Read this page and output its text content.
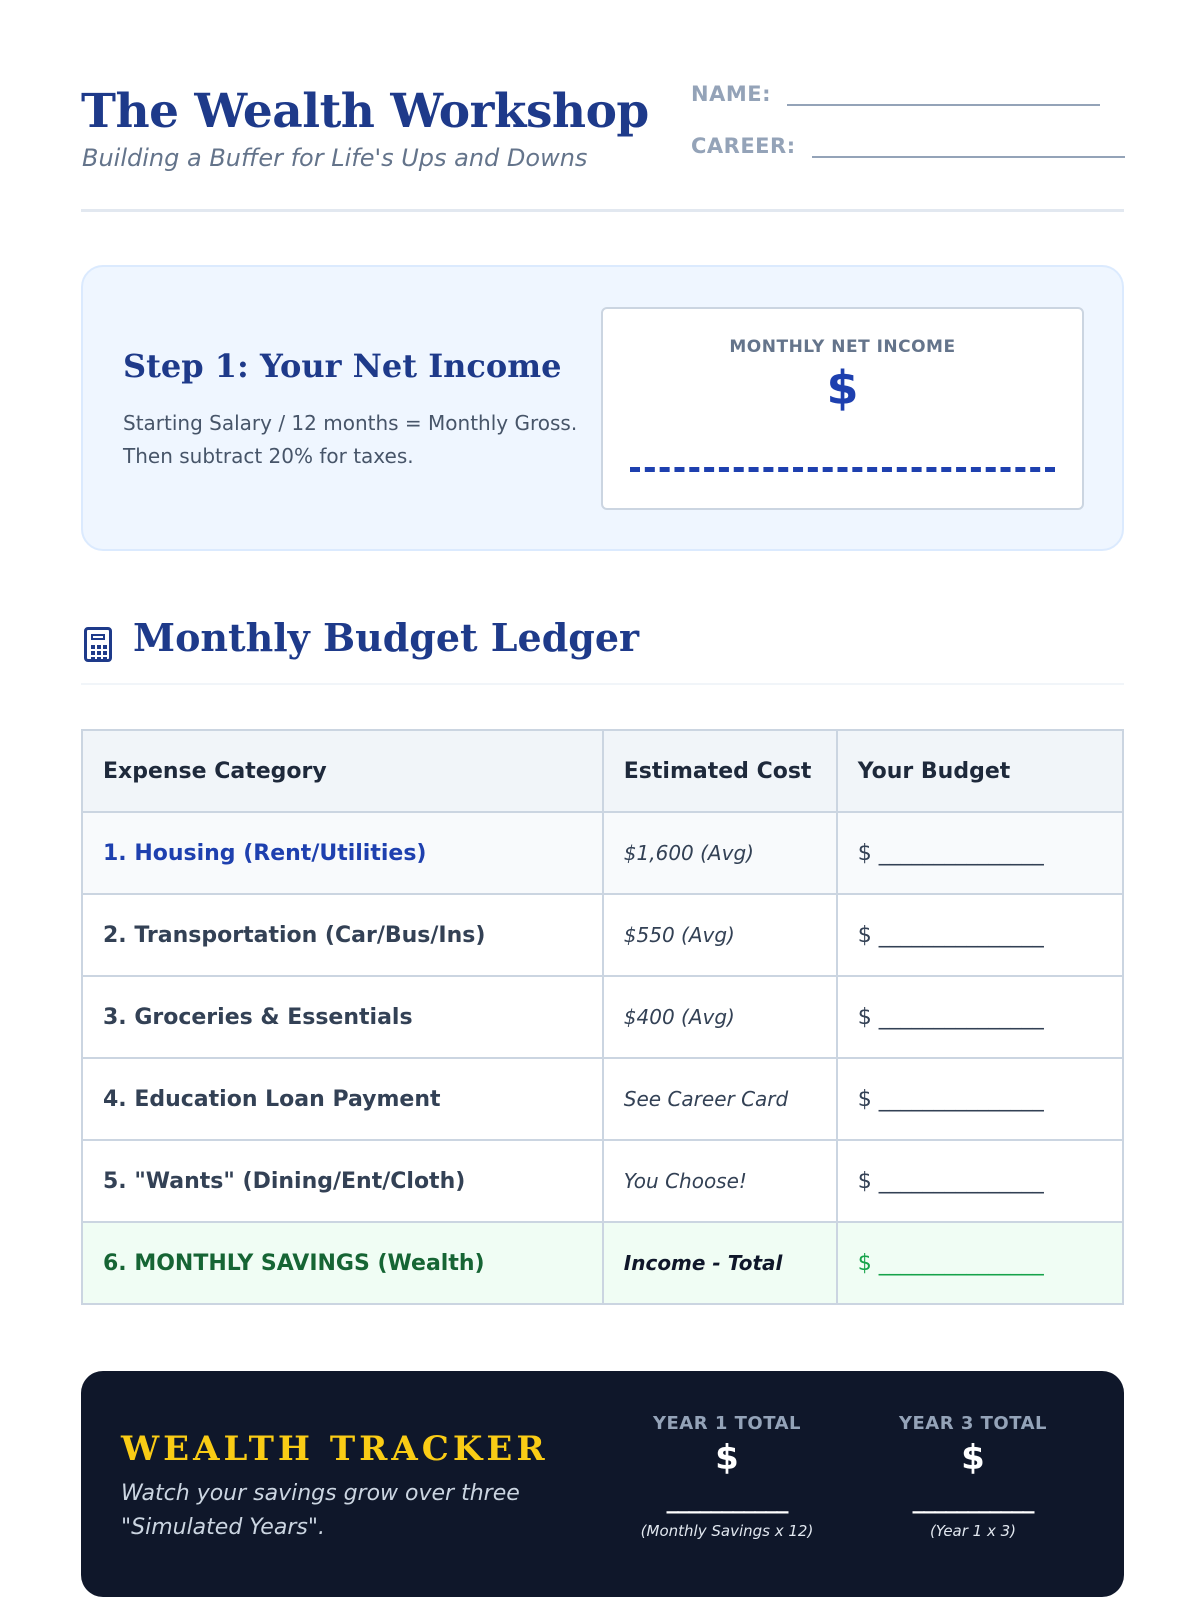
The Wealth Workshop
Building a Buffer for Life's Ups and Downs
NAME:
CAREER:
Step 1: Your Net Income
Starting Salary / 12 months = Monthly Gross. Then subtract 20% for taxes.
MONTHLY NET INCOME
$
Monthly Budget Ledger
Expense Category	Estimated Cost	Your Budget
1. Housing (Rent/Utilities)	$1,600 (Avg)	$ _______________
2. Transportation (Car/Bus/Ins)	$550 (Avg)	$ _______________
3. Groceries & Essentials	$400 (Avg)	$ _______________
4. Education Loan Payment	See Career Card	$ _______________
5. "Wants" (Dining/Ent/Cloth)	You Choose!	$ _______________
6. MONTHLY SAVINGS (Wealth)	Income - Total	$ _______________
WEALTH TRACKER
Watch your savings grow over three "Simulated Years".
YEAR 1 TOTAL
$
___________
(Monthly Savings x 12)
YEAR 3 TOTAL
$
___________
(Year 1 x 3)
